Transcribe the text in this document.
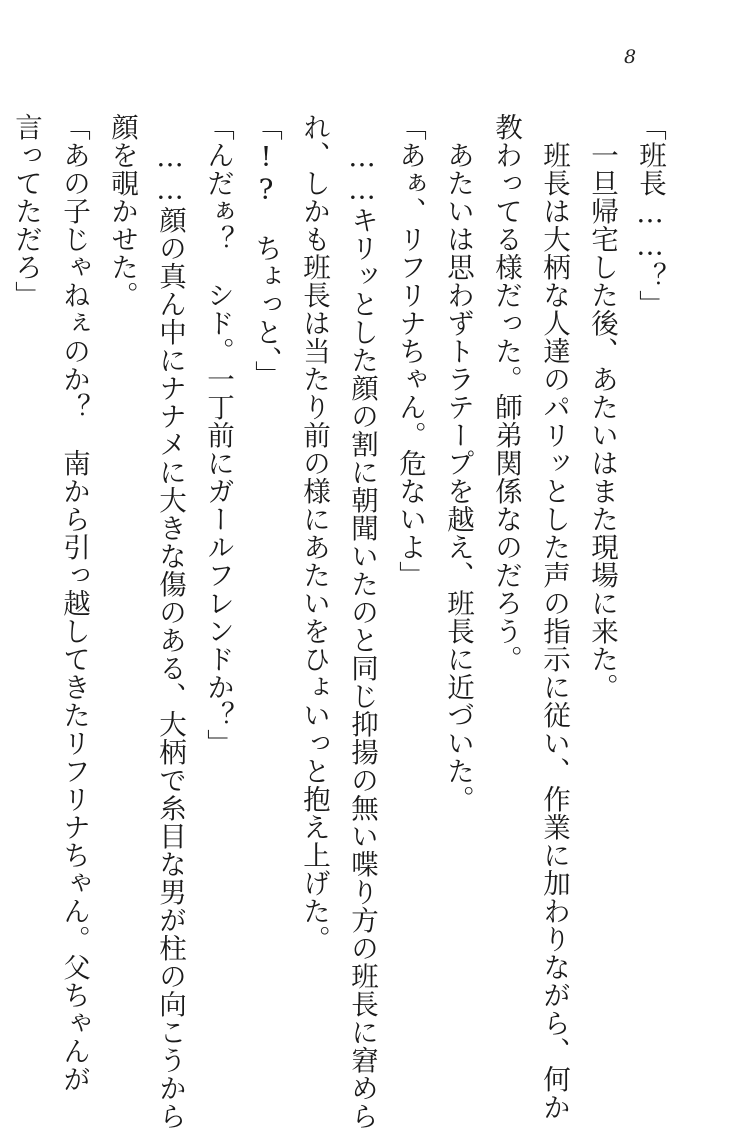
8
「班長……？」
　一旦帰宅した後、あたいはまた現場に来た。
　班長は大柄な人達のパリッとした声の指示に従い、作業に加わりながら、何か
教わってる様だった。師弟関係なのだろう。
　あたいは思わずトラテープを越え、班長に近づいた。
「あぁ、リフリナちゃん。危ないよ」
　……キリッとした顔の割に朝聞いたのと同じ抑揚の無い喋り方の班長に窘めら
れ、しかも班長は当たり前の様にあたいをひょいっと抱え上げた。
「!?　ちょっと、」
「んだぁ？　シド。一丁前にガールフレンドか？」
　……顔の真ん中にナナメに大きな傷のある、大柄で糸目な男が柱の向こうから
顔を覗かせた。
「あの子じゃねぇのか？　南から引っ越してきたリフリナちゃん。父ちゃんが
言ってただろ」
